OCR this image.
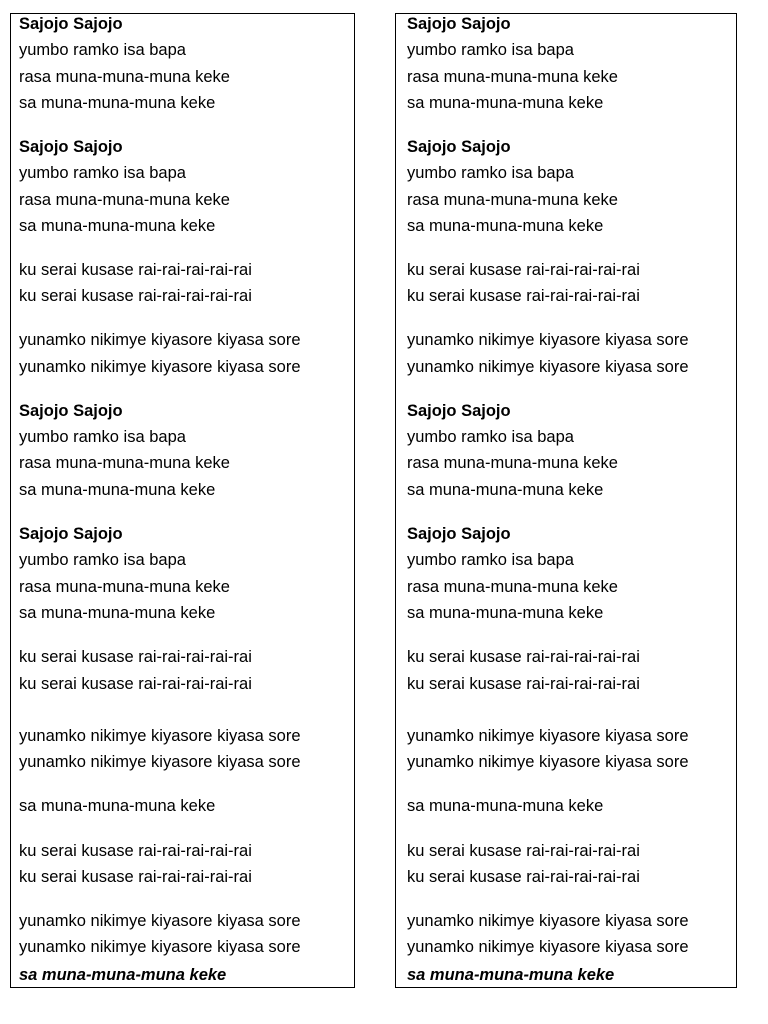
Sajojo Sajojo
yumbo ramko isa bapa
rasa muna-muna-muna keke
sa muna-muna-muna keke
Sajojo Sajojo
yumbo ramko isa bapa
rasa muna-muna-muna keke
sa muna-muna-muna keke
ku serai kusase rai-rai-rai-rai-rai
ku serai kusase rai-rai-rai-rai-rai
yunamko nikimye kiyasore kiyasa sore
yunamko nikimye kiyasore kiyasa sore
Sajojo Sajojo
yumbo ramko isa bapa
rasa muna-muna-muna keke
sa muna-muna-muna keke
Sajojo Sajojo
yumbo ramko isa bapa
rasa muna-muna-muna keke
sa muna-muna-muna keke
ku serai kusase rai-rai-rai-rai-rai
ku serai kusase rai-rai-rai-rai-rai
yunamko nikimye kiyasore kiyasa sore
yunamko nikimye kiyasore kiyasa sore
sa muna-muna-muna keke
ku serai kusase rai-rai-rai-rai-rai
ku serai kusase rai-rai-rai-rai-rai
yunamko nikimye kiyasore kiyasa sore
yunamko nikimye kiyasore kiyasa sore
sa muna-muna-muna keke
Sajojo Sajojo
yumbo ramko isa bapa
rasa muna-muna-muna keke
sa muna-muna-muna keke
Sajojo Sajojo
yumbo ramko isa bapa
rasa muna-muna-muna keke
sa muna-muna-muna keke
ku serai kusase rai-rai-rai-rai-rai
ku serai kusase rai-rai-rai-rai-rai
yunamko nikimye kiyasore kiyasa sore
yunamko nikimye kiyasore kiyasa sore
Sajojo Sajojo
yumbo ramko isa bapa
rasa muna-muna-muna keke
sa muna-muna-muna keke
Sajojo Sajojo
yumbo ramko isa bapa
rasa muna-muna-muna keke
sa muna-muna-muna keke
ku serai kusase rai-rai-rai-rai-rai
ku serai kusase rai-rai-rai-rai-rai
yunamko nikimye kiyasore kiyasa sore
yunamko nikimye kiyasore kiyasa sore
sa muna-muna-muna keke
ku serai kusase rai-rai-rai-rai-rai
ku serai kusase rai-rai-rai-rai-rai
yunamko nikimye kiyasore kiyasa sore
yunamko nikimye kiyasore kiyasa sore
sa muna-muna-muna keke
